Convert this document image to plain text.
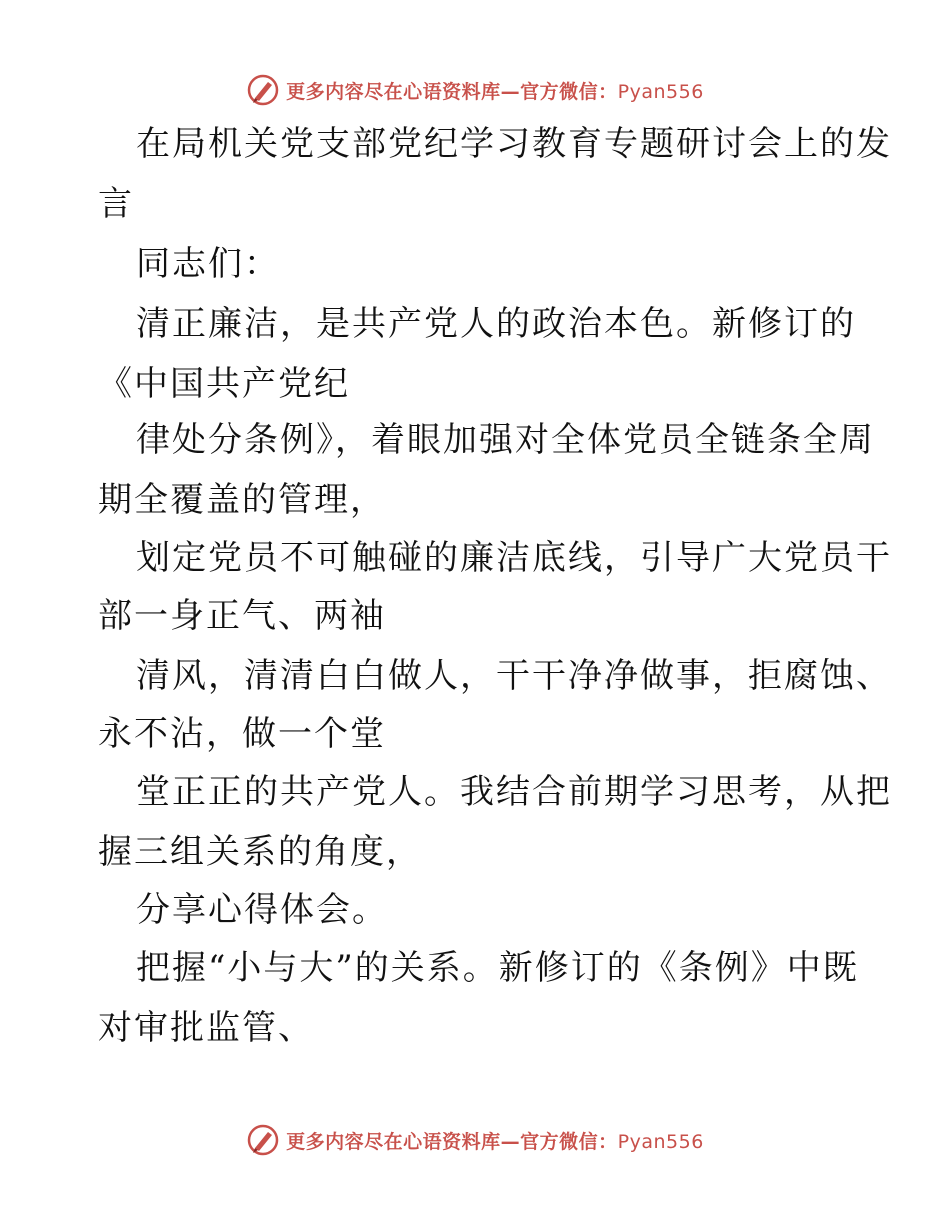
更多内容尽在心语资料库—官方微信：Pyan556
在局机关党支部党纪学习教育专题研讨会上的发
言
同志们：
清正廉洁，是共产党人的政治本色。新修订的
《中国共产党纪
律处分条例》，着眼加强对全体党员全链条全周
期全覆盖的管理，
划定党员不可触碰的廉洁底线，引导广大党员干
部一身正气、两袖
清风，清清白白做人，干干净净做事，拒腐蚀、
永不沾，做一个堂
堂正正的共产党人。我结合前期学习思考，从把
握三组关系的角度，
分享心得体会。
把握“小与大”的关系。新修订的《条例》中既
对审批监管、
更多内容尽在心语资料库—官方微信：Pyan556
